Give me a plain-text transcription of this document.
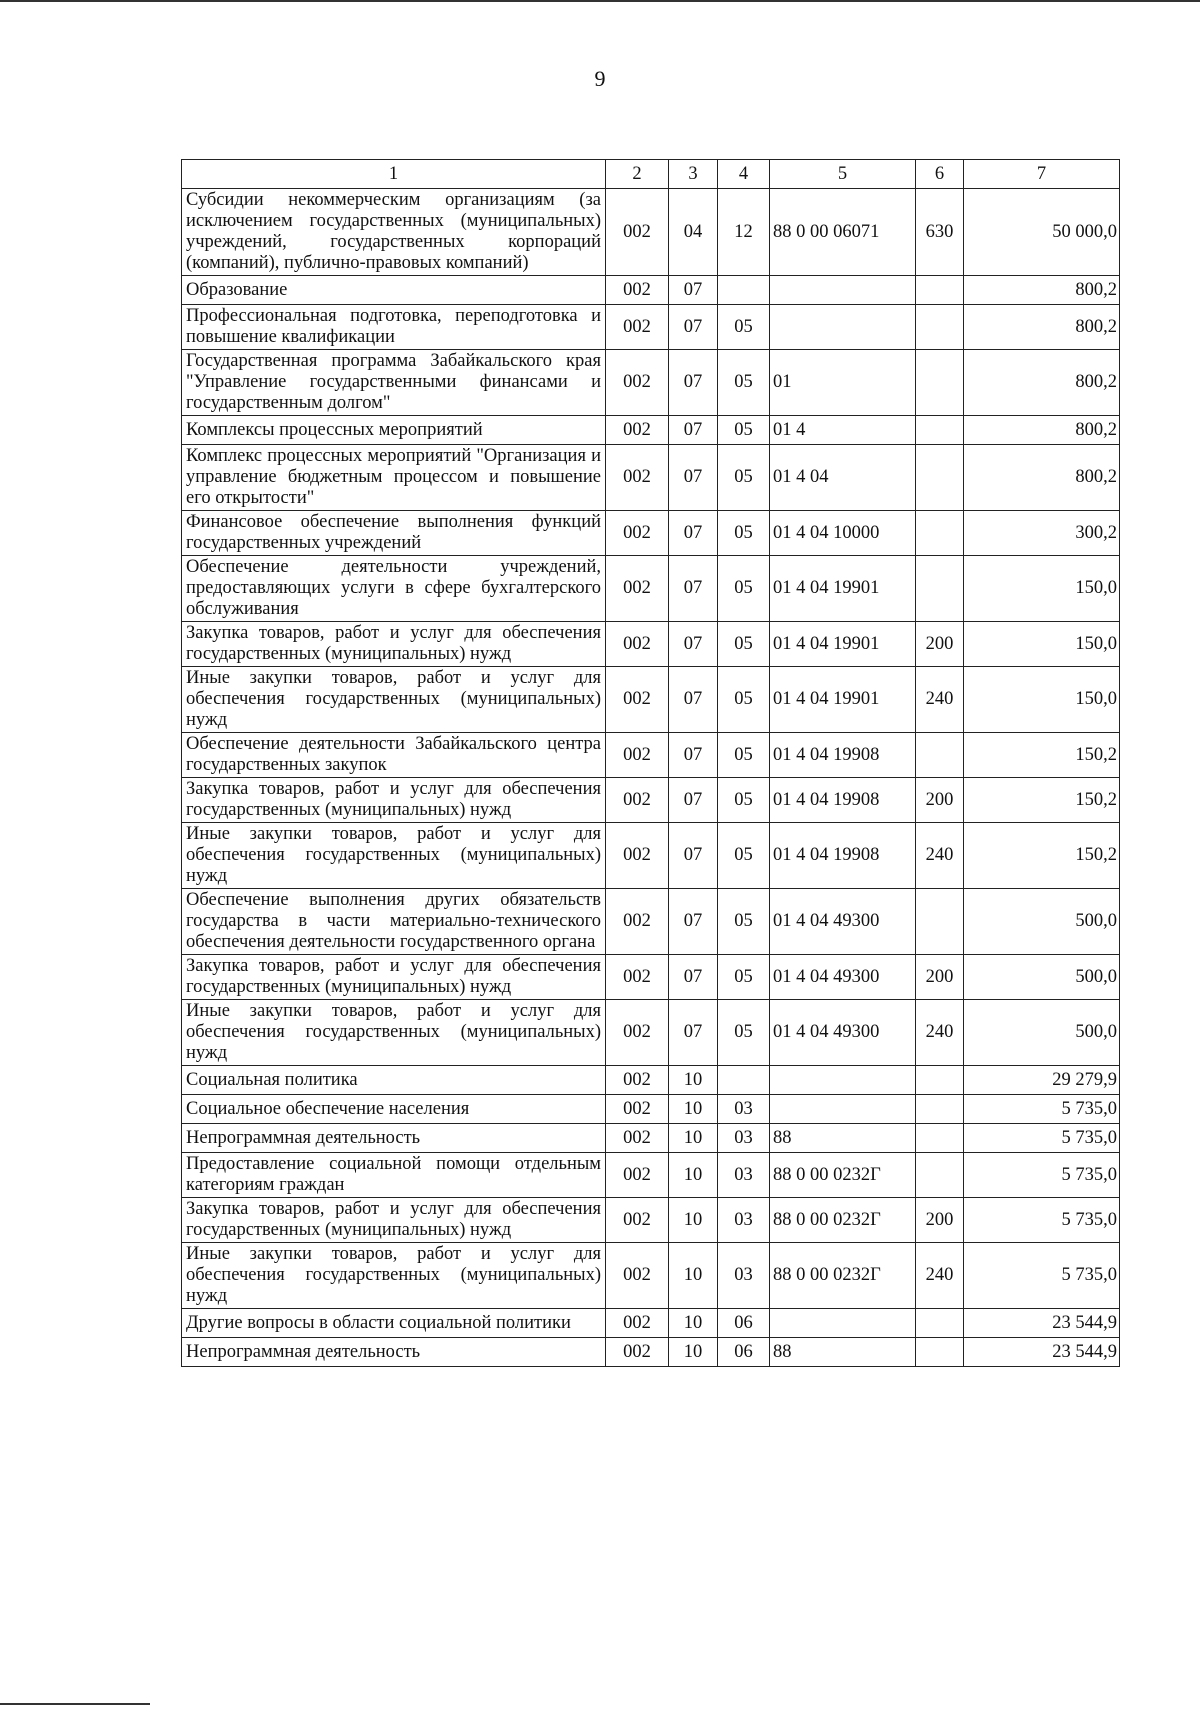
9
1	2	3	4	5	6	7
Субсидии некоммерческим организациям (за исключением государственных (муниципальных) учреждений, государственных корпораций (компаний), публично-правовых компаний)	002	04	12	88 0 00 06071	630	50 000,0
Образование	002	07				800,2
Профессиональная подготовка, переподготовка и повышение квалификации	002	07	05			800,2
Государственная программа Забайкальского края "Управление государственными финансами и государственным долгом"	002	07	05	01		800,2
Комплексы процессных мероприятий	002	07	05	01 4		800,2
Комплекс процессных мероприятий "Организация и управление бюджетным процессом и повышение его открытости"	002	07	05	01 4 04		800,2
Финансовое обеспечение выполнения функций государственных учреждений	002	07	05	01 4 04 10000		300,2
Обеспечение деятельности учреждений, предоставляющих услуги в сфере бухгалтерского обслуживания	002	07	05	01 4 04 19901		150,0
Закупка товаров, работ и услуг для обеспечения государственных (муниципальных) нужд	002	07	05	01 4 04 19901	200	150,0
Иные закупки товаров, работ и услуг для обеспечения государственных (муниципальных) нужд	002	07	05	01 4 04 19901	240	150,0
Обеспечение деятельности Забайкальского центра государственных закупок	002	07	05	01 4 04 19908		150,2
Закупка товаров, работ и услуг для обеспечения государственных (муниципальных) нужд	002	07	05	01 4 04 19908	200	150,2
Иные закупки товаров, работ и услуг для обеспечения государственных (муниципальных) нужд	002	07	05	01 4 04 19908	240	150,2
Обеспечение выполнения других обязательств государства в части материально-технического обеспечения деятельности государственного органа	002	07	05	01 4 04 49300		500,0
Закупка товаров, работ и услуг для обеспечения государственных (муниципальных) нужд	002	07	05	01 4 04 49300	200	500,0
Иные закупки товаров, работ и услуг для обеспечения государственных (муниципальных) нужд	002	07	05	01 4 04 49300	240	500,0
Социальная политика	002	10				29 279,9
Социальное обеспечение населения	002	10	03			5 735,0
Непрограммная деятельность	002	10	03	88		5 735,0
Предоставление социальной помощи отдельным категориям граждан	002	10	03	88 0 00 0232Г		5 735,0
Закупка товаров, работ и услуг для обеспечения государственных (муниципальных) нужд	002	10	03	88 0 00 0232Г	200	5 735,0
Иные закупки товаров, работ и услуг для обеспечения государственных (муниципальных) нужд	002	10	03	88 0 00 0232Г	240	5 735,0
Другие вопросы в области социальной политики	002	10	06			23 544,9
Непрограммная деятельность	002	10	06	88		23 544,9
